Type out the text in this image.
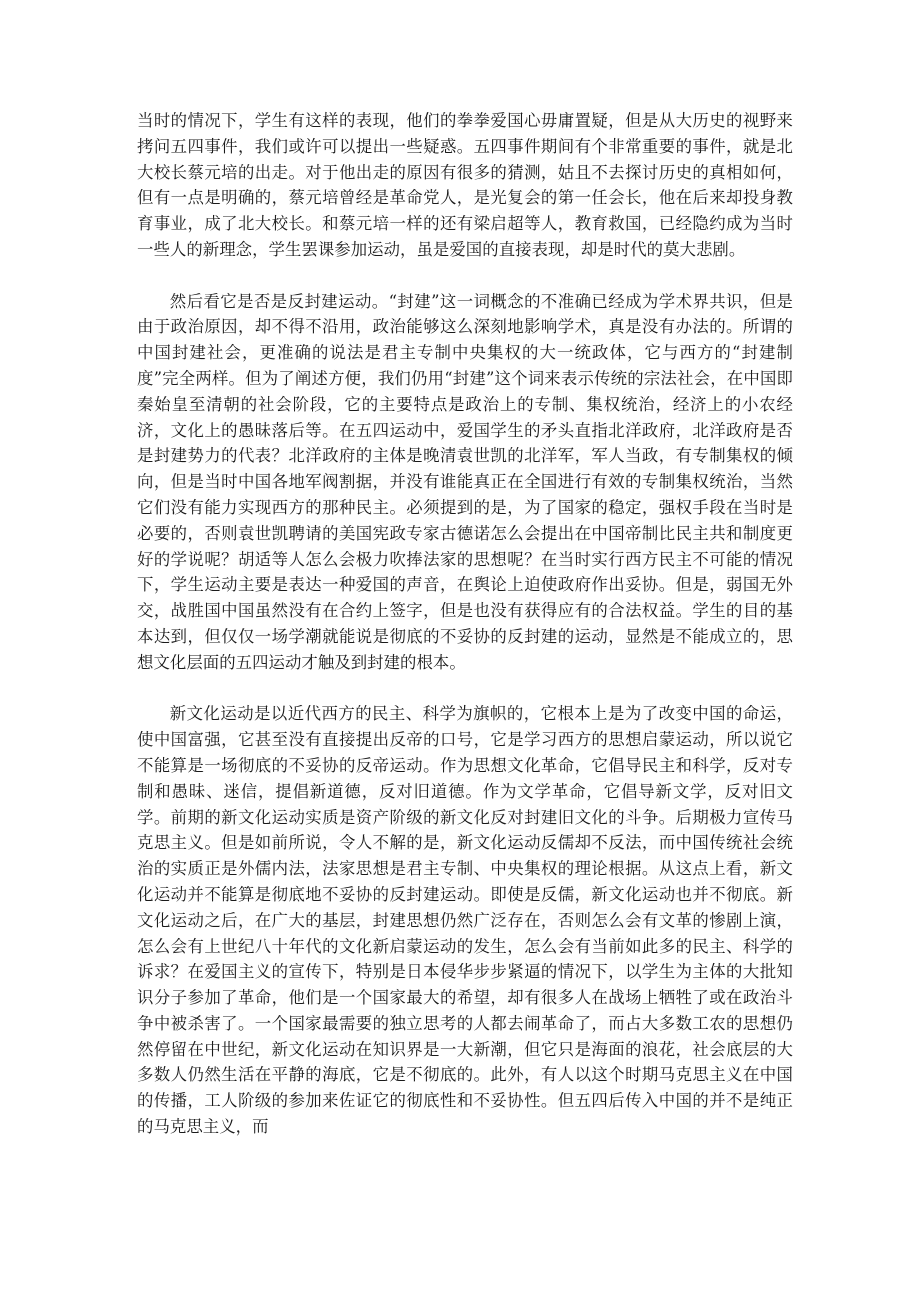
当时的情况下，学生有这样的表现，他们的拳拳爱国心毋庸置疑，但是从大历史的视野来拷问五四事件，我们或许可以提出一些疑惑。五四事件期间有个非常重要的事件，就是北大校长蔡元培的出走。对于他出走的原因有很多的猜测，姑且不去探讨历史的真相如何，但有一点是明确的，蔡元培曾经是革命党人，是光复会的第一任会长，他在后来却投身教育事业，成了北大校长。和蔡元培一样的还有梁启超等人，教育救国，已经隐约成为当时一些人的新理念，学生罢课参加运动，虽是爱国的直接表现，却是时代的莫大悲剧。

然后看它是否是反封建运动。“封建”这一词概念的不准确已经成为学术界共识，但是由于政治原因，却不得不沿用，政治能够这么深刻地影响学术，真是没有办法的。所谓的中国封建社会，更准确的说法是君主专制中央集权的大一统政体，它与西方的“封建制度”完全两样。但为了阐述方便，我们仍用“封建”这个词来表示传统的宗法社会，在中国即秦始皇至清朝的社会阶段，它的主要特点是政治上的专制、集权统治，经济上的小农经济，文化上的愚昧落后等。在五四运动中，爱国学生的矛头直指北洋政府，北洋政府是否是封建势力的代表？北洋政府的主体是晚清袁世凯的北洋军，军人当政，有专制集权的倾向，但是当时中国各地军阀割据，并没有谁能真正在全国进行有效的专制集权统治，当然它们没有能力实现西方的那种民主。必须提到的是，为了国家的稳定，强权手段在当时是必要的，否则袁世凯聘请的美国宪政专家古德诺怎么会提出在中国帝制比民主共和制度更好的学说呢？胡适等人怎么会极力吹捧法家的思想呢？在当时实行西方民主不可能的情况下，学生运动主要是表达一种爱国的声音，在舆论上迫使政府作出妥协。但是，弱国无外交，战胜国中国虽然没有在合约上签字，但是也没有获得应有的合法权益。学生的目的基本达到，但仅仅一场学潮就能说是彻底的不妥协的反封建的运动，显然是不能成立的，思想文化层面的五四运动才触及到封建的根本。

新文化运动是以近代西方的民主、科学为旗帜的，它根本上是为了改变中国的命运，使中国富强，它甚至没有直接提出反帝的口号，它是学习西方的思想启蒙运动，所以说它不能算是一场彻底的不妥协的反帝运动。作为思想文化革命，它倡导民主和科学，反对专制和愚昧、迷信，提倡新道德，反对旧道德。作为文学革命，它倡导新文学，反对旧文学。前期的新文化运动实质是资产阶级的新文化反对封建旧文化的斗争。后期极力宣传马克思主义。但是如前所说，令人不解的是，新文化运动反儒却不反法，而中国传统社会统治的实质正是外儒内法，法家思想是君主专制、中央集权的理论根据。从这点上看，新文化运动并不能算是彻底地不妥协的反封建运动。即使是反儒，新文化运动也并不彻底。新文化运动之后，在广大的基层，封建思想仍然广泛存在，否则怎么会有文革的惨剧上演，怎么会有上世纪八十年代的文化新启蒙运动的发生，怎么会有当前如此多的民主、科学的诉求？在爱国主义的宣传下，特别是日本侵华步步紧逼的情况下，以学生为主体的大批知识分子参加了革命，他们是一个国家最大的希望，却有很多人在战场上牺牲了或在政治斗争中被杀害了。一个国家最需要的独立思考的人都去闹革命了，而占大多数工农的思想仍然停留在中世纪，新文化运动在知识界是一大新潮，但它只是海面的浪花，社会底层的大多数人仍然生活在平静的海底，它是不彻底的。此外，有人以这个时期马克思主义在中国的传播，工人阶级的参加来佐证它的彻底性和不妥协性。但五四后传入中国的并不是纯正的马克思主义，而
